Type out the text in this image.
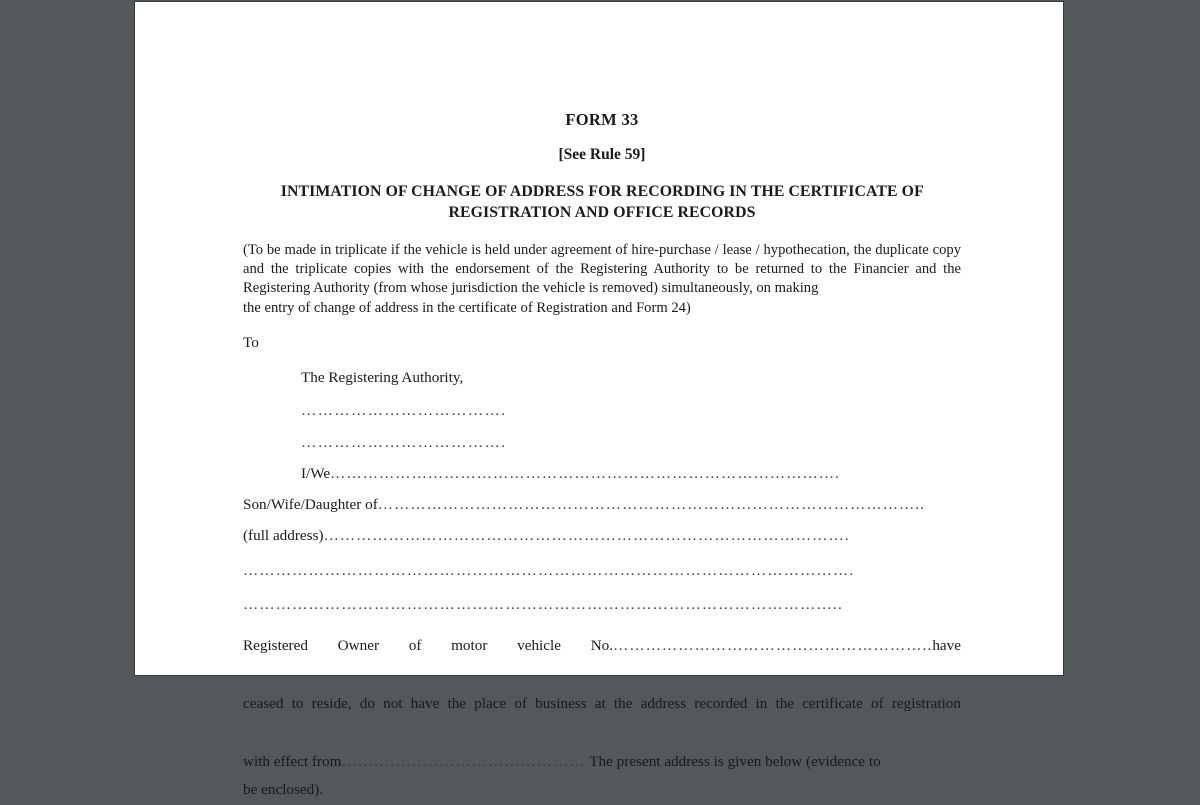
FORM 33
[See Rule 59]
INTIMATION OF CHANGE OF ADDRESS FOR RECORDING IN THE CERTIFICATE OF REGISTRATION AND OFFICE RECORDS
(To be made in triplicate if the vehicle is held under agreement of hire-purchase / lease / hypothecation, the duplicate copy and the triplicate copies with the endorsement of the Registering Authority to be returned to the Financier and the Registering Authority (from whose jurisdiction the vehicle is removed) simultaneously, on making
the entry of change of address in the certificate of Registration and Form 24)
To
The Registering Authority,
……………………………….
……………………………….
I/We………………………………………………………………………………….
Son/Wife/Daughter of………………………………………………………………………………………..
(full address)…………………………………………………………………………………….
………………………………………………………………………………………………….
………………………………………………………………………………………………..
Registered Owner of motor vehicle No.…………………………………………………..have
ceased to reside, do not have the place of business at the address recorded in the certificate of registration
with effect from……………………………………… The present address is given below (evidence to
be enclosed).
